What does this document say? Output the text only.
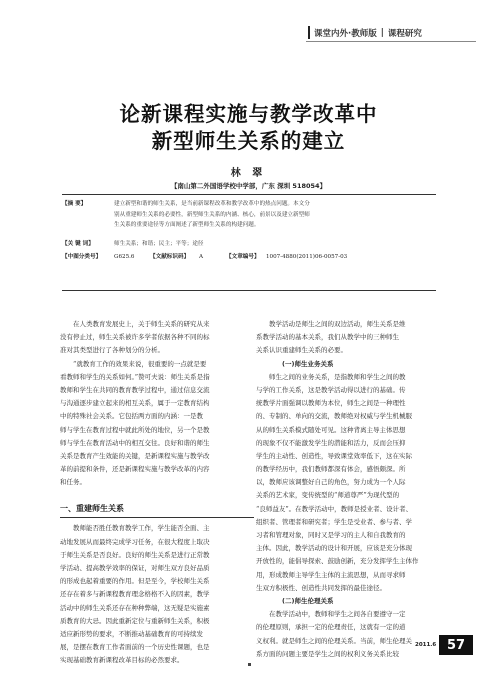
课堂内外·教师版 | 课程研究
论新课程实施与教学改革中
新型师生关系的建立
林 翠
【南山第二外国语学校中学部，广东 深圳 518054】
【摘 要】	建立新型和谐的师生关系，是当前新课程改革和教学改革中的热点问题。本文分
别从重建师生关系的必要性，新型师生关系的内涵、核心，前景以及建立新型师
生关系的重要途径等方面阐述了新型师生关系的构建问题。
【关 键 词】	师生关系；和谐；民主；平等；途径
【中图分类号】 G625.6	【文献标识码】 A	【文章编号】 1007-4880(2011)06-0057-03
在人类教育发展史上，关于师生关系的研究从来
没有停止过，师生关系被许多学者依据各种不同的标
准对其类型进行了各种划分的分析。
“就教育工作的效果来说，很重要的一点就是要
看教师和学生的关系如何。”赞可夫说：师生关系是指
教师和学生在共同的教育教学过程中，通过信息交流
与沟通逐步建立起来的相互关系，属于一定教育结构
中的特殊社会关系。它包括两方面的内涵：一是教
师与学生在教育过程中就此所处的地位，另一个是教
师与学生在教育活动中的相互交往。良好和谐的师生
关系是教育产生效能的关键，是新课程实施与教学改
革的前提和条件，还是新课程实施与教学改革的内容
和任务。
一、重建师生关系
教师能否胜任教育教学工作，学生能否全面、主
动地发展从而最终完成学习任务，在很大程度上取决
于师生关系是否良好。良好的师生关系是进行正常教
学活动、提高教学效率的保证，对师生双方良好品质
的形成也起着重要的作用。但是至今，学校师生关系
还存在着多与新课程教育理念格格不入的因素，教学
活动中的师生关系还存在种种弊端，这无疑是实施素
质教育的大忌。因此重新定位与重新师生关系，积极
适应新形势的要求，不断推动基础教育的可持续发
展，是摆在教育工作者面前的一个历史性课题，也是
实现基础教育新课程改革目标的必然要求。
教学活动是师生之间的双边活动，师生关系是维
系教学活动的基本关系，我们从教学中的三种师生
关系认识重建师生关系的必要。
(一)师生业务关系
师生之间的业务关系，是指教师和学生之间的教
与学的工作关系，这是教学活动得以进行的基础。传
统教学片面强调以教师为本位，师生之间是一种理性
的、专制的、单向的交流，教师绝对权威与学生机械服
从的师生关系模式随处可见。这种背离主导主体思想
的现象不仅不能激发学生的潜能和活力，反而会压抑
学生的主动性、创造性，导致课堂效率低下，这在实际
的教学经历中，我们教师都深有体会，感悟颇深。所
以，教师应该调整好自己的角色，努力成为一个人际
关系的艺术家，变传统型的“师道尊严”为现代型的
“良师益友”。在教学活动中，教师是授业者、设计者、
组织者、管理者和研究者；学生是受业者、参与者、学
习者和管理对象，同时又是学习的主人和自我教育的
主体。因此，教学活动的设计和开展，应该是充分体现
开放性的，能倡导探索、鼓励创新，充分发挥学生主体作
用，形成教师主导学生主体的主流思想，从而寻求师
生双方积极性、创造性共同发挥的最佳途径。
(二)师生伦理关系
在教学活动中，教师和学生之间各自要遵守一定
的伦理原则，承担一定的伦理责任，这就有一定的道
义权利。就是师生之间的伦理关系。当前，师生伦理关
系方面的问题主要是学生之间的权利义务关系比较
2011.6 57
